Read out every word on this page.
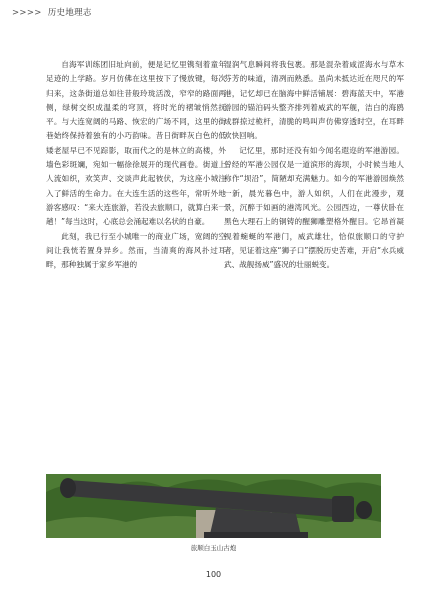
>>>> 历史地理志

自海军训练团旧址向前，便是记忆里镌刻着童年足迹的上学路。岁月仿佛在这里按下了慢放键，每次归来，这条街道总如往昔般玲珑活泼，窄窄的路面两侧，绿树交织成温柔的穹顶，将时光的褶皱悄然抚平。与大连宽阔的马路、恢宏的广场不同，这里的街巷始终保持着独有的小巧韵味。昔日街畔灰白色的低矮老屋早已不见踪影，取而代之的是林立的高楼，外墙色彩斑斓，宛如一幅徐徐展开的现代画卷。街道上人流如织，欢笑声、交谈声此起彼伏，为这座小城注入了鲜活的生命力。在大连生活的这些年，常听外地游客感叹：“来大连旅游，若没去旅顺口，就算白来一趟！”每当这时，心底总会涌起难以名状的自豪。

此刻，我已行至小城唯一的商业广场，宽阔的空间让我恍若置身异乡。然而，当清爽的海风扑过耳畔，那种独属于家乡军港的

湿润气息瞬间将我包裹。那是混杂着咸涩海水与草木芬芳的味道，清冽而熟悉。虽尚未抵达近在咫尺的军港，记忆却已在脑海中鲜活铺展：碧海蓝天中，军港游园的锚泊码头整齐排列着威武的军舰，洁白的海鸥成群掠过桅杆，清脆的鸣叫声仿佛穿透时空，在耳畔欢快回响。

记忆里，那时还没有如今闻名遐迩的军港游园。曾经的军港公园仅是一道滨形的海坝，小时候当地人称作“坝沿”，简陋却充满魅力。如今的军港游园焕然一新，晨光暮色中，游人如织，人们在此漫步，观景，沉醉于如画的港湾风光。公园西边，一尊伏卧在黑色大理石上的铜铸的醒狮雕塑格外醒目。它昂首凝视着蜿蜒的军港门，威武雄壮，恰似旅顺口的守护者，见证着这座“狮子口”摆脱历史苦难，开启“水兵威武、战舰扬威”盛况的壮丽蜕变。

旅顺白玉山古炮
100
